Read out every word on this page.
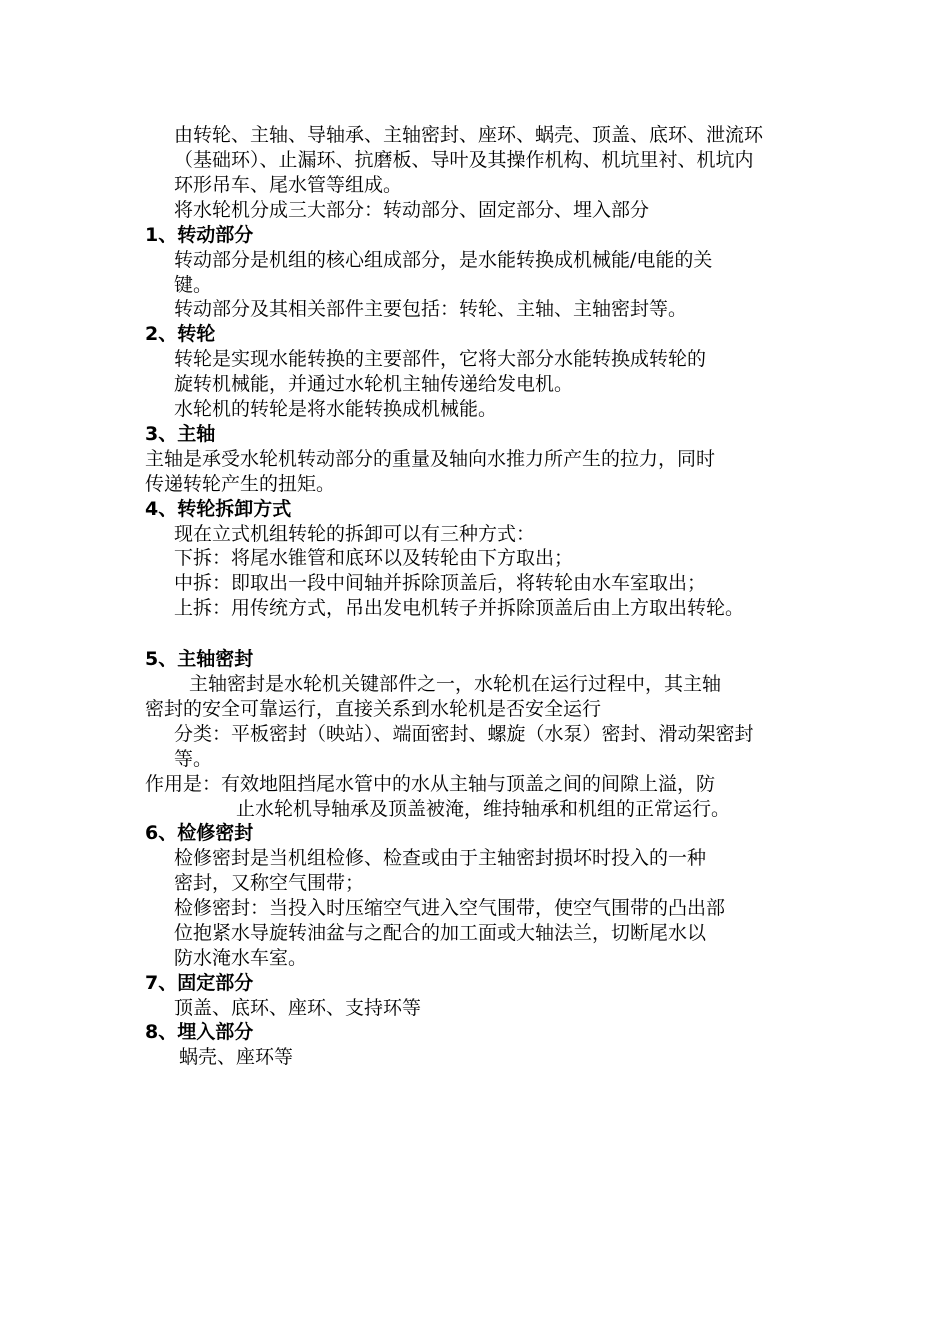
由转轮、主轴、导轴承、主轴密封、座环、蜗壳、顶盖、底环、泄流环
（基础环）、止漏环、抗磨板、导叶及其操作机构、机坑里衬、机坑内
环形吊车、尾水管等组成。
将水轮机分成三大部分：转动部分、固定部分、埋入部分
1、转动部分
转动部分是机组的核心组成部分，是水能转换成机械能/电能的关
键。
转动部分及其相关部件主要包括：转轮、主轴、主轴密封等。
2、转轮
转轮是实现水能转换的主要部件，它将大部分水能转换成转轮的
旋转机械能，并通过水轮机主轴传递给发电机。
水轮机的转轮是将水能转换成机械能。
3、主轴
主轴是承受水轮机转动部分的重量及轴向水推力所产生的拉力，同时
传递转轮产生的扭矩。
4、转轮拆卸方式
现在立式机组转轮的拆卸可以有三种方式：
下拆：将尾水锥管和底环以及转轮由下方取出；
中拆：即取出一段中间轴并拆除顶盖后，将转轮由水车室取出；
上拆：用传统方式，吊出发电机转子并拆除顶盖后由上方取出转轮。
5、主轴密封
主轴密封是水轮机关键部件之一，水轮机在运行过程中，其主轴
密封的安全可靠运行，直接关系到水轮机是否安全运行
分类：平板密封（映站）、端面密封、螺旋（水泵）密封、滑动架密封
等。
作用是：有效地阻挡尾水管中的水从主轴与顶盖之间的间隙上溢，防
止水轮机导轴承及顶盖被淹，维持轴承和机组的正常运行。
6、检修密封
检修密封是当机组检修、检查或由于主轴密封损坏时投入的一种
密封，又称空气围带；
检修密封：当投入时压缩空气进入空气围带，使空气围带的凸出部
位抱紧水导旋转油盆与之配合的加工面或大轴法兰，切断尾水以
防水淹水车室。
7、固定部分
顶盖、底环、座环、支持环等
8、埋入部分
蜗壳、座环等
